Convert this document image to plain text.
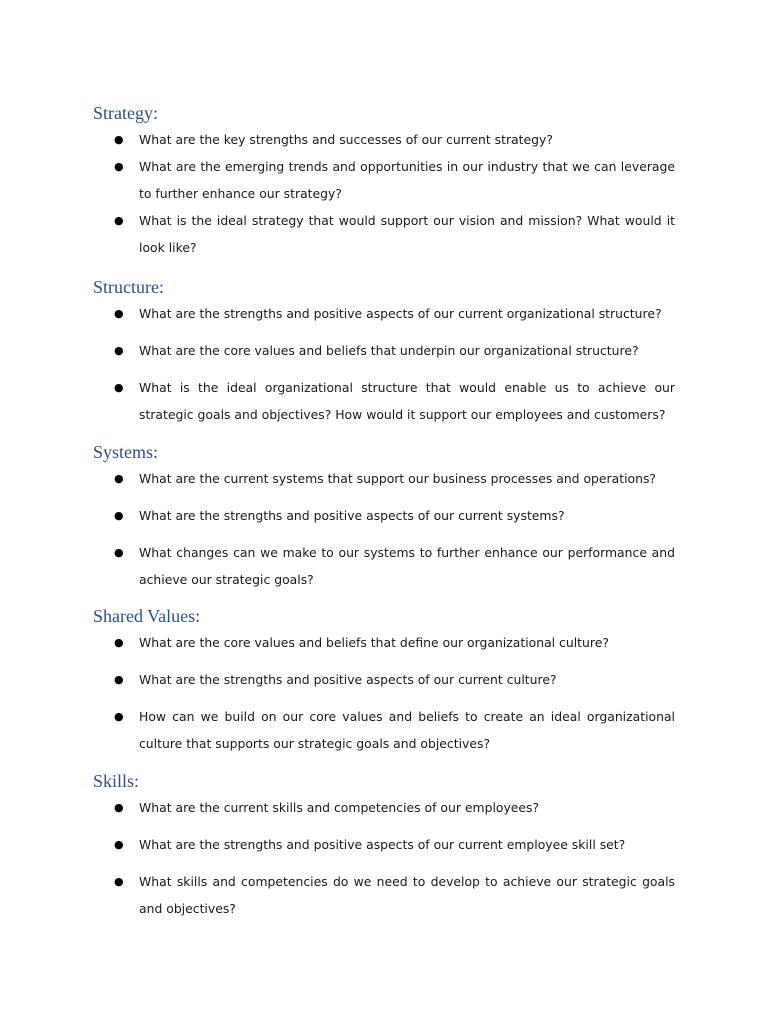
Strategy:
● What are the key strengths and successes of our current strategy?
● What are the emerging trends and opportunities in our industry that we can leverage to further enhance our strategy?
● What is the ideal strategy that would support our vision and mission? What would it look like?
Structure:
● What are the strengths and positive aspects of our current organizational structure?
● What are the core values and beliefs that underpin our organizational structure?
● What is the ideal organizational structure that would enable us to achieve our strategic goals and objectives? How would it support our employees and customers?
Systems:
● What are the current systems that support our business processes and operations?
● What are the strengths and positive aspects of our current systems?
● What changes can we make to our systems to further enhance our performance and achieve our strategic goals?
Shared Values:
● What are the core values and beliefs that define our organizational culture?
● What are the strengths and positive aspects of our current culture?
● How can we build on our core values and beliefs to create an ideal organizational culture that supports our strategic goals and objectives?
Skills:
● What are the current skills and competencies of our employees?
● What are the strengths and positive aspects of our current employee skill set?
● What skills and competencies do we need to develop to achieve our strategic goals and objectives?
